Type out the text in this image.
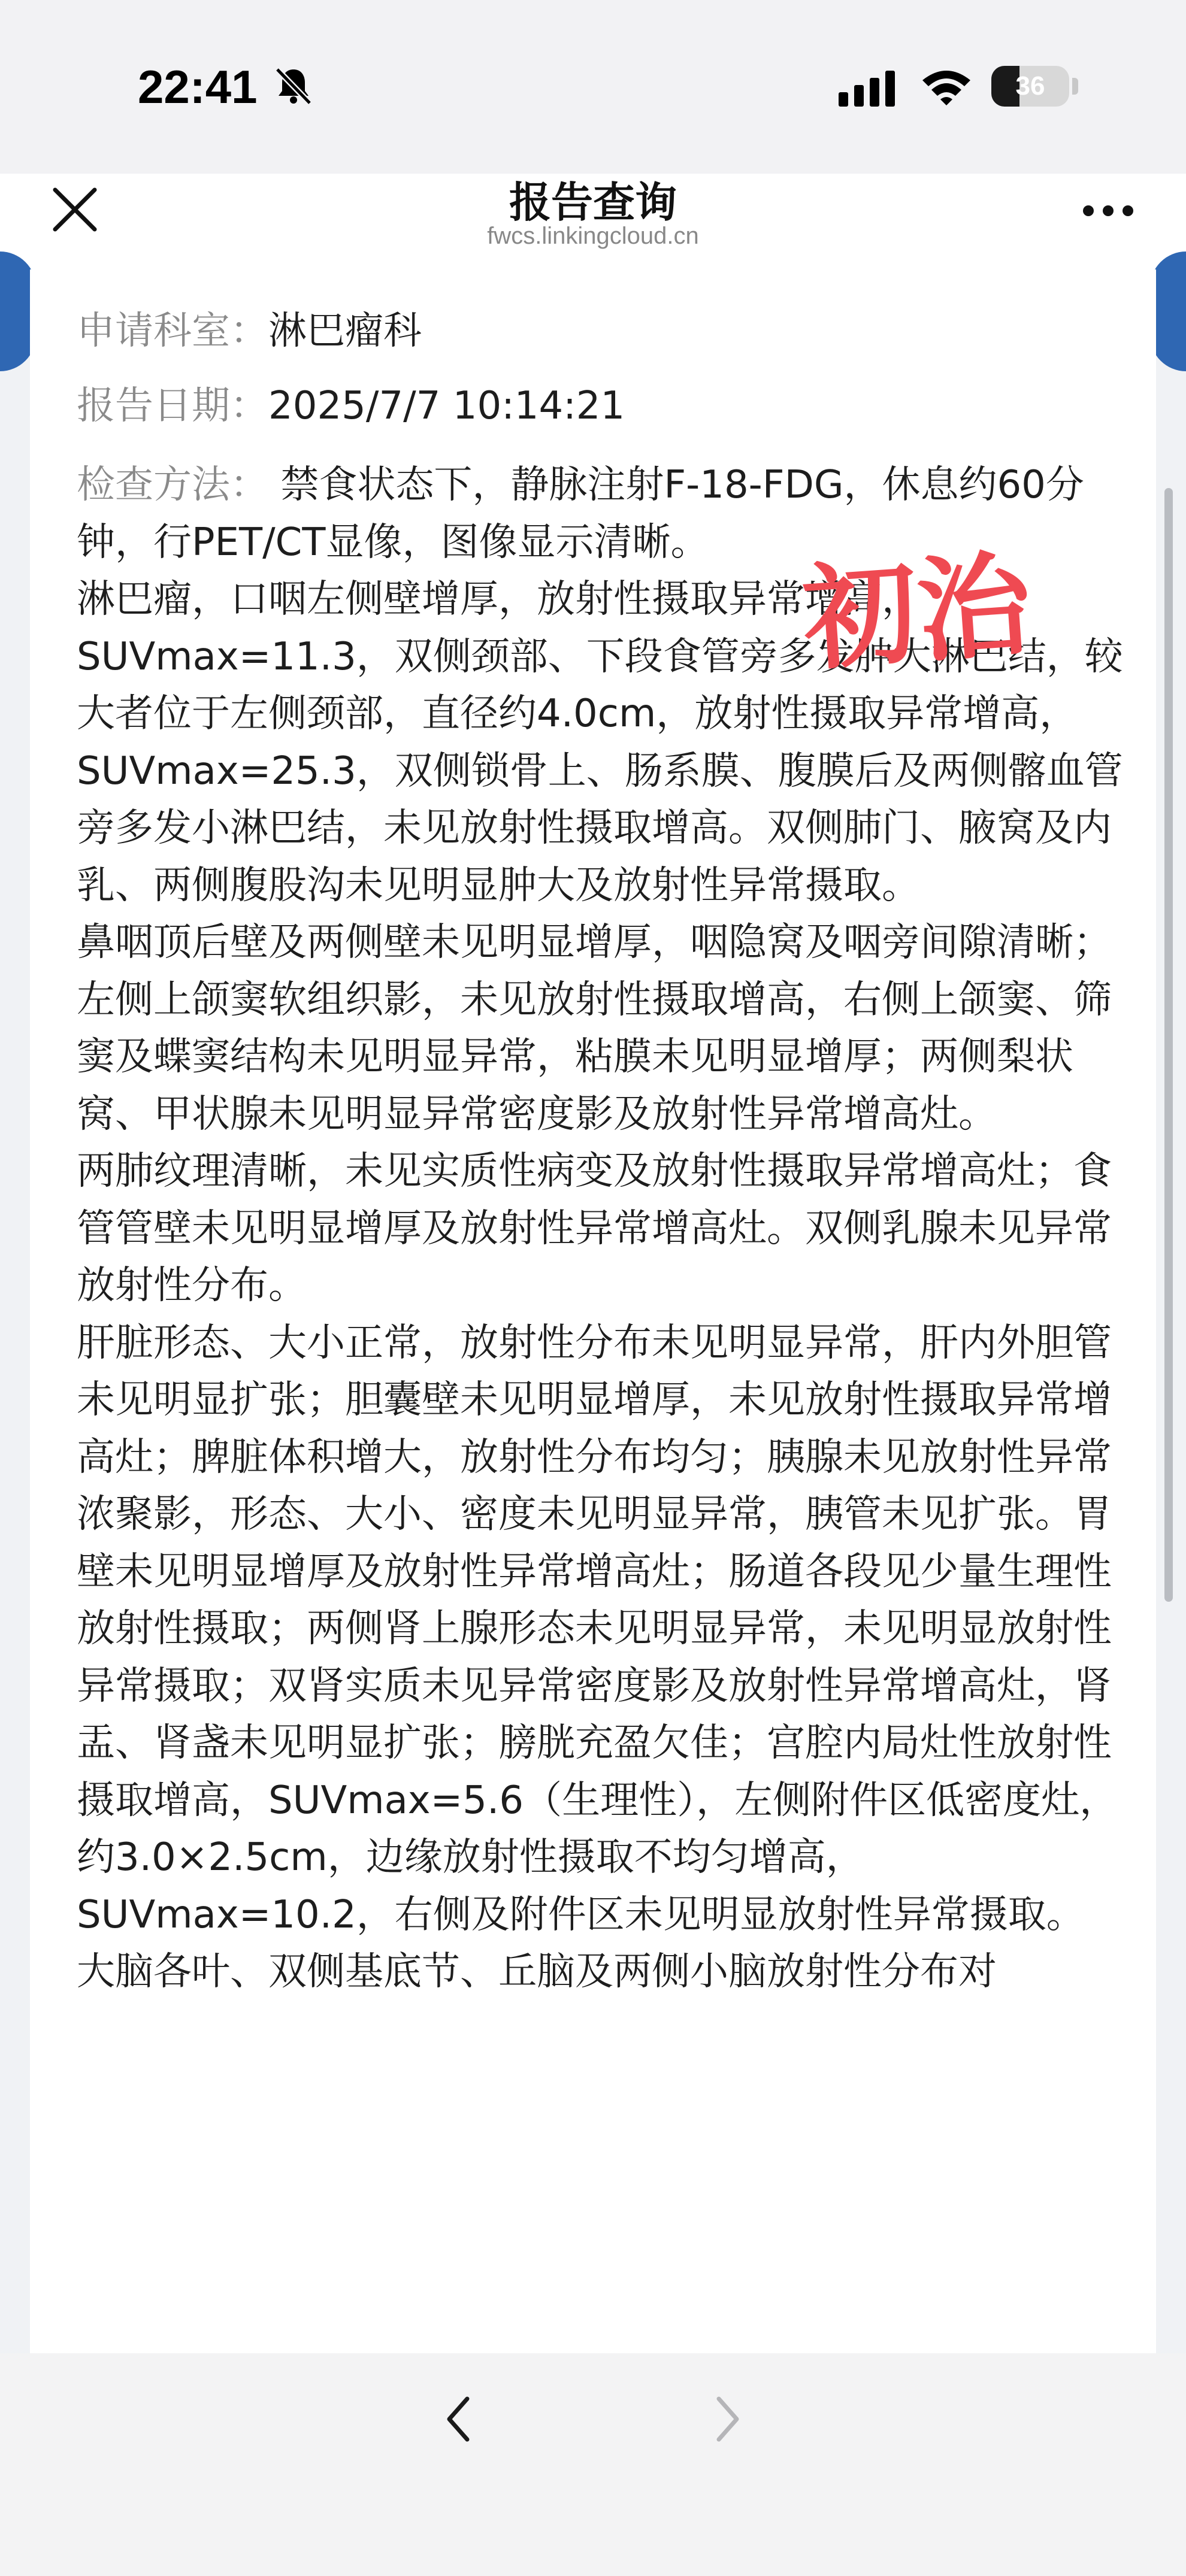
22:41	36
报告查询
fwcs.linkingcloud.cn
申请科室：淋巴瘤科
报告日期：2025/7/7 10:14:21

检查方法： 禁食状态下，静脉注射F-18-FDG，休息约60分钟，行PET/CT显像，图像显示清晰。

淋巴瘤，口咽左侧壁增厚，放射性摄取异常增高，SUVmax=11.3，双侧颈部、下段食管旁多发肿大淋巴结，较大者位于左侧颈部，直径约4.0cm，放射性摄取异常增高，SUVmax=25.3，双侧锁骨上、肠系膜、腹膜后及两侧髂血管旁多发小淋巴结，未见放射性摄取增高。双侧肺门、腋窝及内乳、两侧腹股沟未见明显肿大及放射性异常摄取。

鼻咽顶后壁及两侧壁未见明显增厚，咽隐窝及咽旁间隙清晰；左侧上颌窦软组织影，未见放射性摄取增高，右侧上颌窦、筛窦及蝶窦结构未见明显异常，粘膜未见明显增厚；两侧梨状窝、甲状腺未见明显异常密度影及放射性异常增高灶。

两肺纹理清晰，未见实质性病变及放射性摄取异常增高灶；食管管壁未见明显增厚及放射性异常增高灶。双侧乳腺未见异常放射性分布。

肝脏形态、大小正常，放射性分布未见明显异常，肝内外胆管未见明显扩张；胆囊壁未见明显增厚，未见放射性摄取异常增高灶；脾脏体积增大，放射性分布均匀；胰腺未见放射性异常浓聚影，形态、大小、密度未见明显异常，胰管未见扩张。胃壁未见明显增厚及放射性异常增高灶；肠道各段见少量生理性放射性摄取；两侧肾上腺形态未见明显异常，未见明显放射性异常摄取；双肾实质未见异常密度影及放射性异常增高灶，肾盂、肾盏未见明显扩张；膀胱充盈欠佳；宫腔内局灶性放射性摄取增高，SUVmax=5.6（生理性），左侧附件区低密度灶，约3.0×2.5cm，边缘放射性摄取不均匀增高，SUVmax=10.2，右侧及附件区未见明显放射性异常摄取。

大脑各叶、双侧基底节、丘脑及两侧小脑放射性分布对

初治
